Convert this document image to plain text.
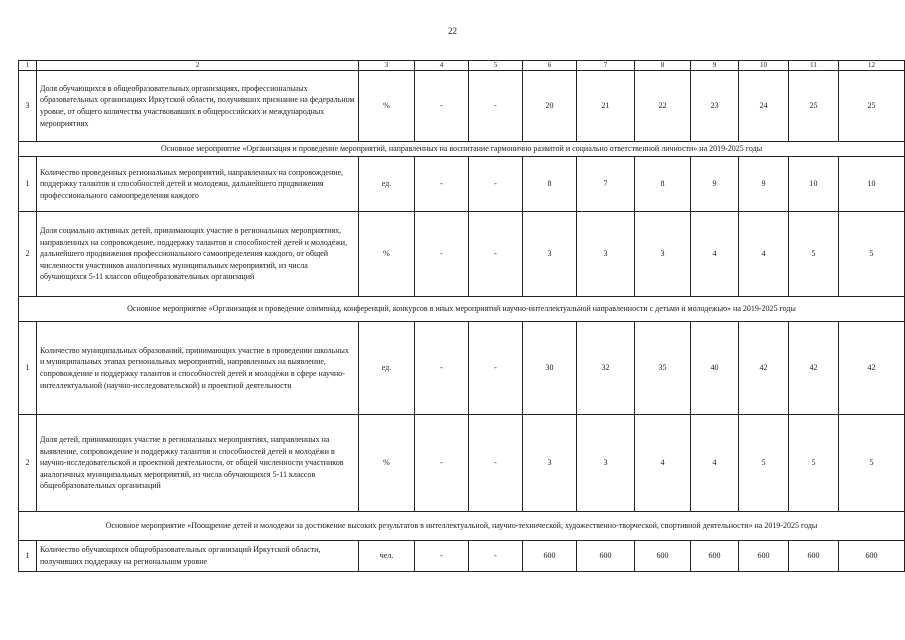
22
1	2	3	4	5	6	7	8	9	10	11	12
3	Доля обучающихся в общеобразовательных организациях, профессиональных образовательных организациях Иркутской области, получивших признание на федеральном уровне, от общего количества участвовавших в общероссийских и международных мероприятиях	%	-	-	20	21	22	23	24	25	25
Основное мероприятие «Организация и проведение мероприятий, направленных на воспитание гармонично развитой и социально ответственной личности» на 2019-2025 годы											
1	Количество проведенных региональных мероприятий, направленных на сопровождение, поддержку талантов и способностей детей и молодежи, дальнейшего продвижения профессионального самоопределения каждого	ед.	-	-	8	7	8	9	9	10	10
2	Доля социально активных детей, принимающих участие в региональных мероприятиях, направленных на сопровождение, поддержку талантов и способностей детей и молодёжи, дальнейшего продвижения профессионального самоопределения каждого, от общей численности участников аналогичных муниципальных мероприятий, из числа обучающихся 5-11 классов общеобразовательных организаций	%	-	-	3	3	3	4	4	5	5
Основное мероприятие «Организация и проведение олимпиад, конференций, конкурсов в иных мероприятий научно-интеллектуальной направленности с детьми и молодежью» на 2019-2025 годы											
1	Количество муниципальных образований, принимающих участие в проведении школьных и муниципальных этапах региональных мероприятий, направленных на выявление, сопровождение и поддержку талантов и способностей детей и молодёжи в сфере научно-интеллектуальной (научно-исследовательской) и проектной деятельности	ед.	-	-	30	32	35	40	42	42	42
2	Доля детей, принимающих участие в региональных мероприятиях, направленных на выявление, сопровождение и поддержку талантов и способностей детей и молодёжи в научно-исследовательской и проектной деятельности, от общей численности участников аналогичных муниципальных мероприятий, из числа обучающихся 5-11 классов общеобразовательных организаций	%	-	-	3	3	4	4	5	5	5
Основное мероприятие «Поощрение детей и молодежи за достижение высоких результатов в интеллектуальной, научно-технической, художественно-творческой, спортивной деятельности» на 2019-2025 годы											
1	Количество обучающихся общеобразовательных организаций Иркутской области, получивших поддержку на региональном уровне	чел.	-	-	600	600	600	600	600	600	600
